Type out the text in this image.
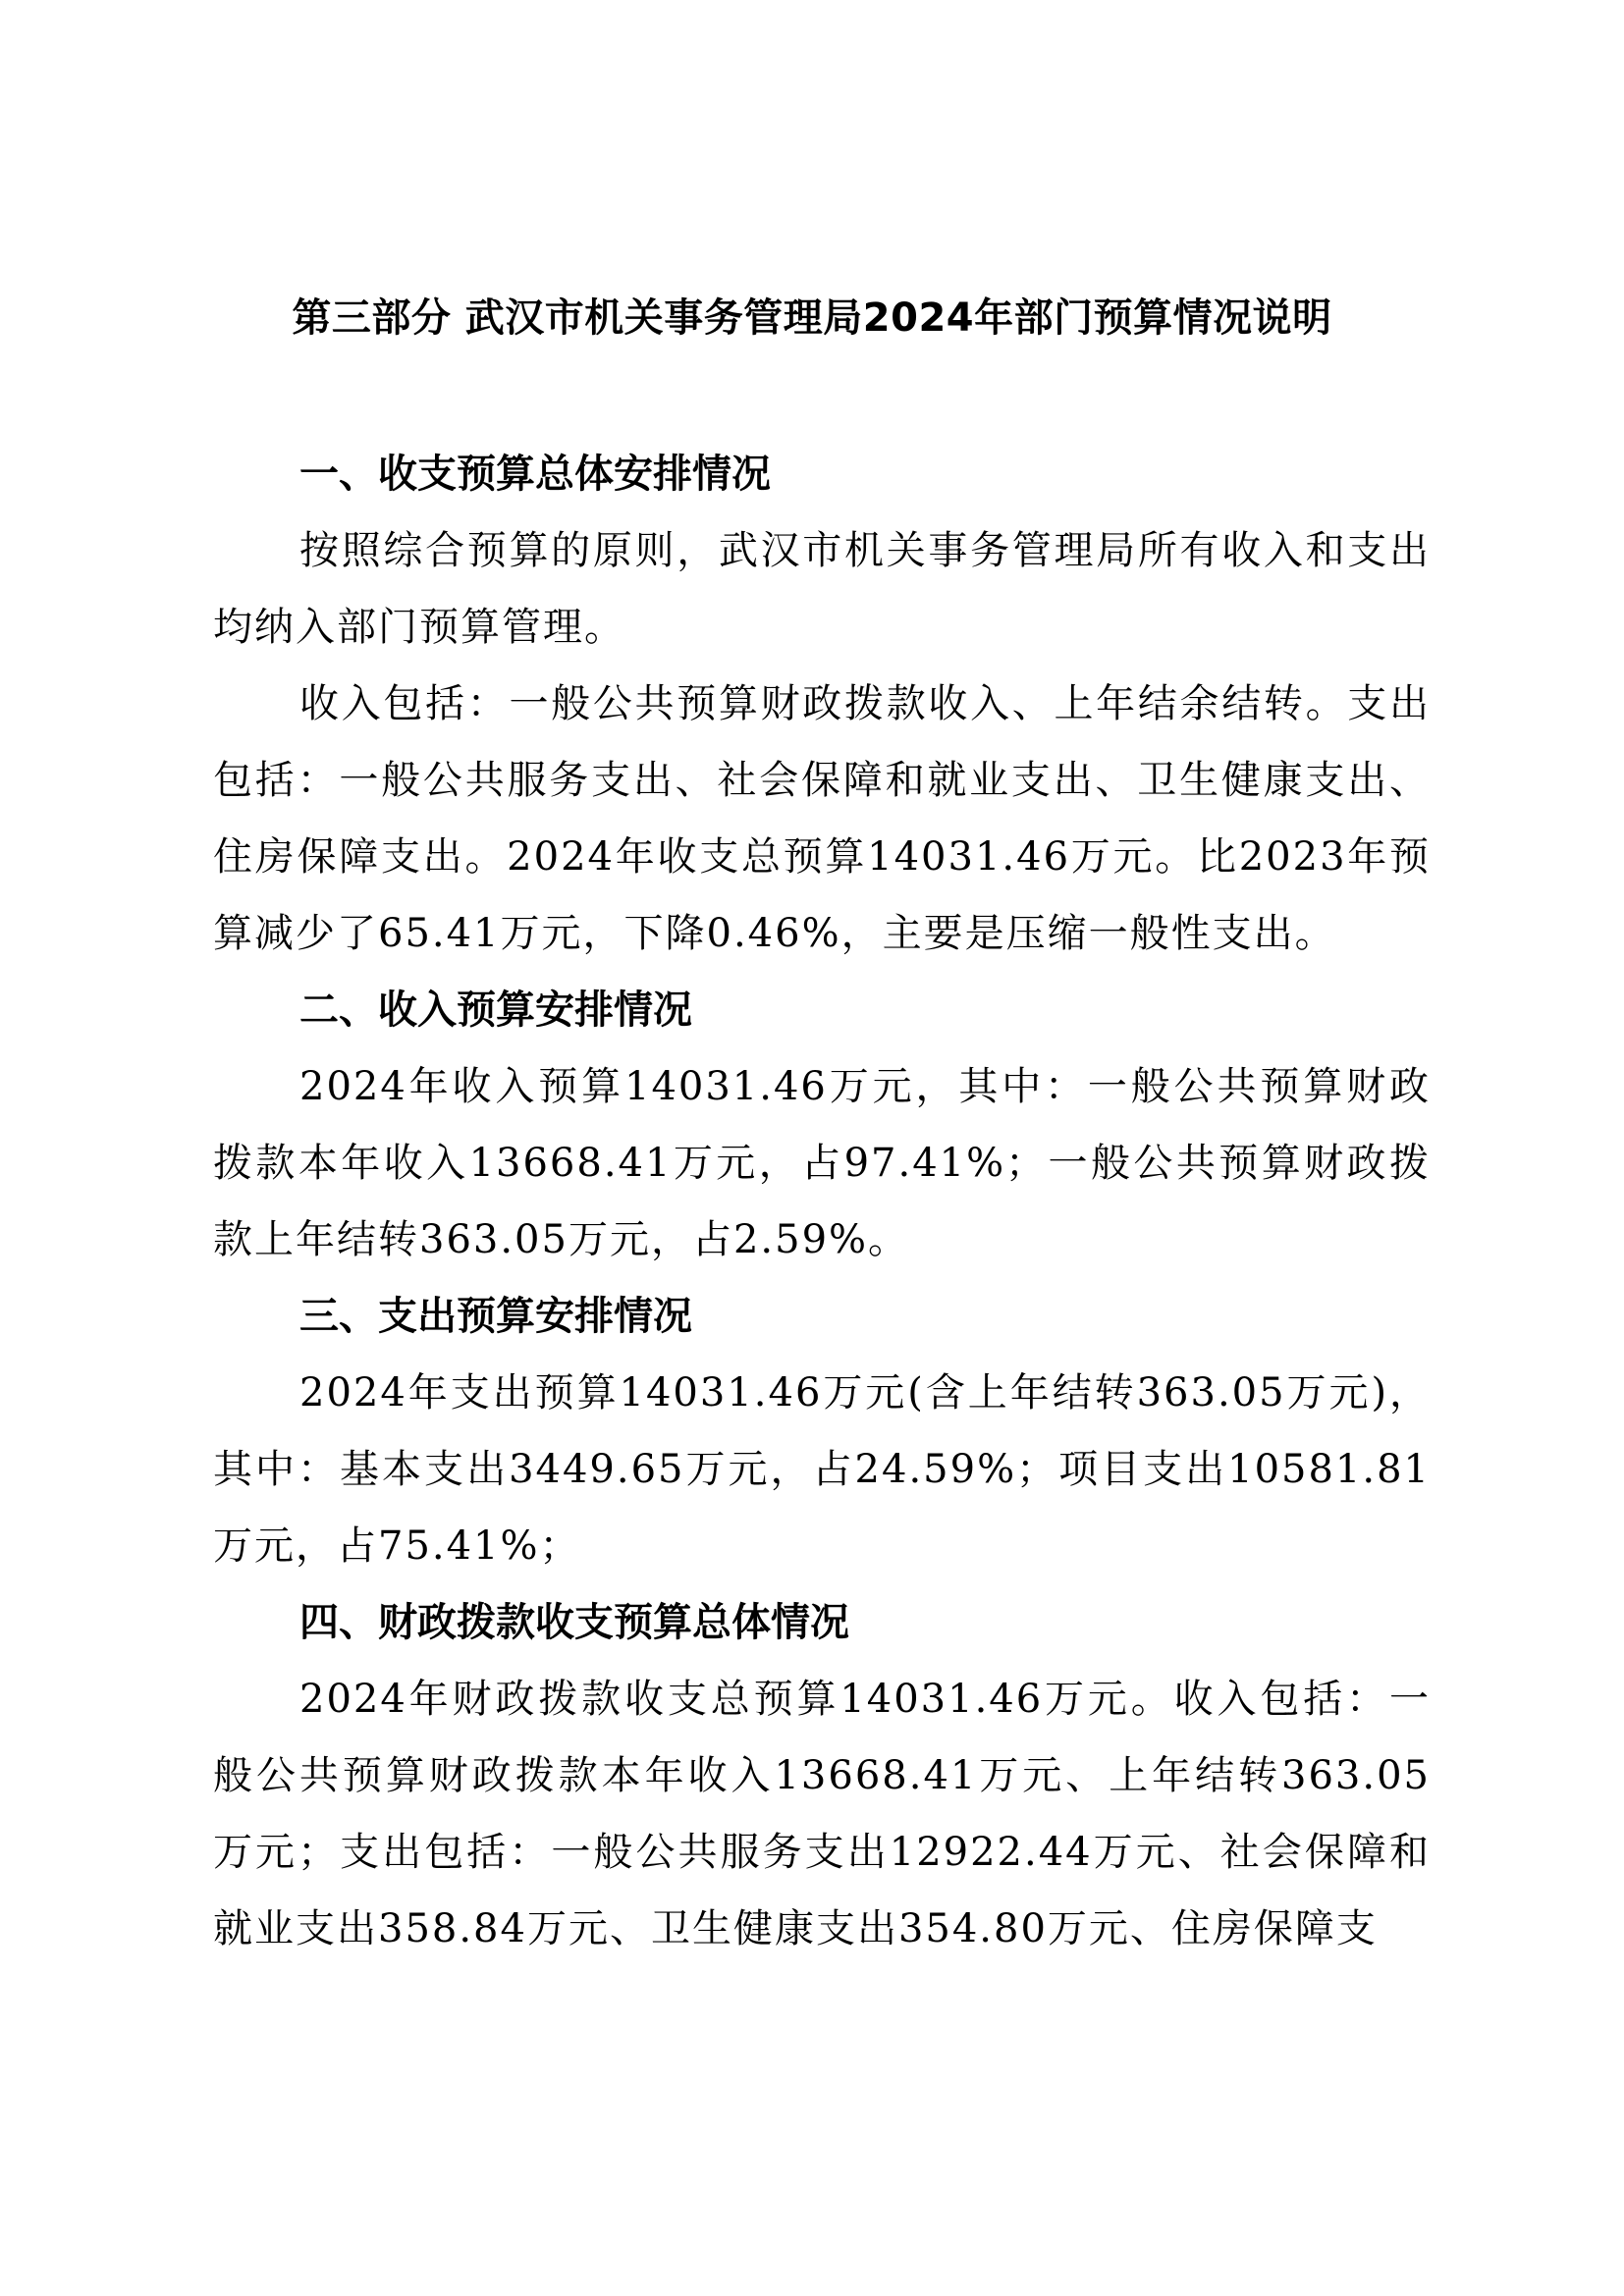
第三部分 武汉市机关事务管理局2024年部门预算情况说明

一、收支预算总体安排情况

按照综合预算的原则，武汉市机关事务管理局所有收入和支出均纳入部门预算管理。

收入包括：一般公共预算财政拨款收入、上年结余结转。支出包括：一般公共服务支出、社会保障和就业支出、卫生健康支出、住房保障支出。2024年收支总预算14031.46万元。比2023年预算减少了65.41万元，下降0.46%，主要是压缩一般性支出。

二、收入预算安排情况

2024年收入预算14031.46万元，其中：一般公共预算财政拨款本年收入13668.41万元，占97.41%；一般公共预算财政拨款上年结转363.05万元，占2.59%。

三、支出预算安排情况

2024年支出预算14031.46万元(含上年结转363.05万元)，其中：基本支出3449.65万元，占24.59%；项目支出10581.81万元，占75.41%；

四、财政拨款收支预算总体情况

2024年财政拨款收支总预算14031.46万元。收入包括：一般公共预算财政拨款本年收入13668.41万元、上年结转363.05万元；支出包括：一般公共服务支出12922.44万元、社会保障和就业支出358.84万元、卫生健康支出354.80万元、住房保障支
